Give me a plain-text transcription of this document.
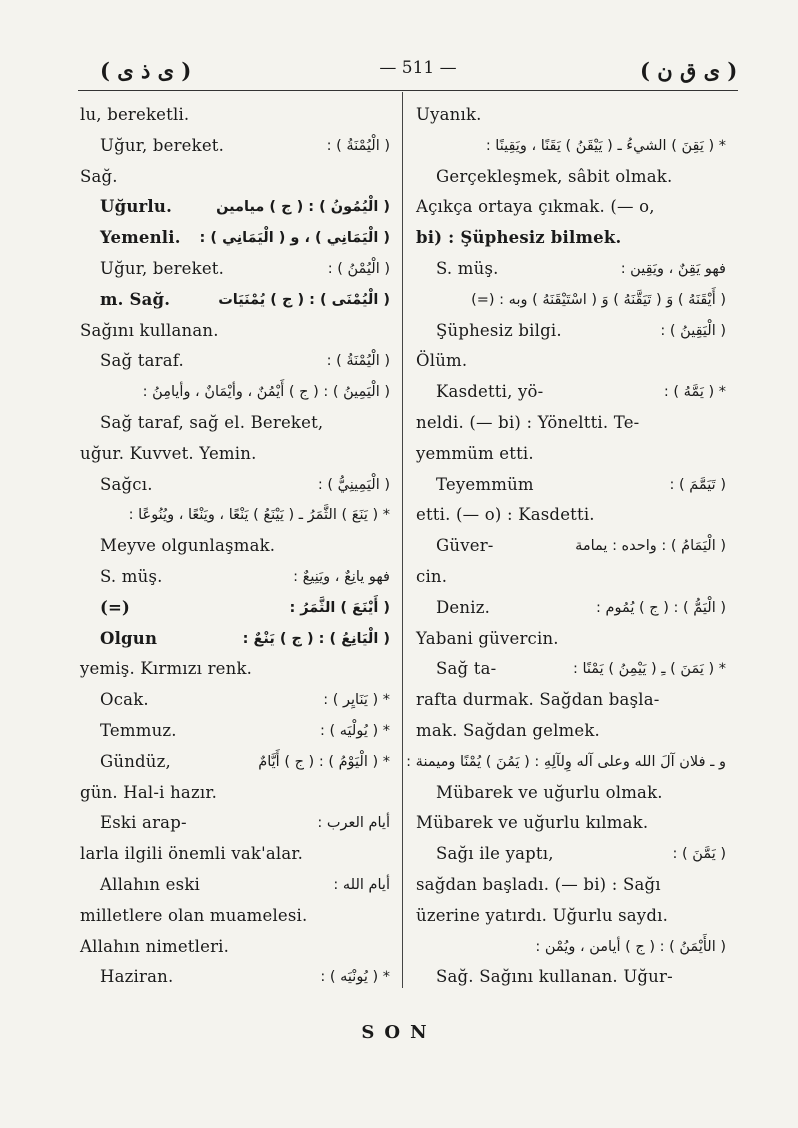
( ى ذ ى )	— 511 —	( ى ق ن )
lu, bereketli.
Uğur, bereket.	( الْيُمْنَةُ ) :
Sağ.
Uğurlu.	( الْيُمُونُ ) : ( ج ) ميامين
Yemenli. ( الْيَمَانِي ) ، و ( الْيَمَانِي ) :
Uğur, bereket.	( الْيُمْنُ ) :
m. Sağ.	( الْيُمْنَى ) : ( ج ) يُمْنَيَات
Sağını kullanan.
Sağ taraf.	( الْيُمْنَةُ ) :
( الْيَمِينُ ) : ( ج ) أَيْمُنٌ ، وأيْمَانٌ ، وأيامِنُ :
Sağ taraf, sağ el. Bereket,
uğur. Kuvvet. Yemin.
Sağcı.	( الْيَمِينِيُّ ) :
* ( يَنَعَ ) الثَّمَرُ ـ ( يَيْنَعُ ) يَنْعًا ، ويَنْعًا ، ويُنُوعًا :
Meyve olgunlaşmak.
S. müş.	فهو يانِعٌ ، ويَنِيعٌ :
(=)	( أَيْنَعَ ) الثَّمَرُ :
Olgun	( الْيَانِعُ ) : ( ج ) يَنْعٌ :
yemiş. Kırmızı renk.
Ocak.	* ( يَنَايِر ) :
Temmuz.	* ( يُولْيَه ) :
Gündüz,	* ( الْيَوْمُ ) : ( ج ) أَيَّامٌ
gün. Hal-i hazır.
Eski arap-	أيام العرب :
larla ilgili önemli vak'alar.
Allahın eski	أيام الله :
milletlere olan muamelesi.
Allahın nimetleri.
Haziran.	* ( يُونْيَه ) :
Uyanık.
* ( يَقِنَ ) الشيءُ ـ ( يَيْقَنُ ) يَقَنًا ، ويَقِينًا :
Gerçekleşmek, sâbit olmak.
Açıkça ortaya çıkmak. (— o,
bi) : Şüphesiz bilmek.
S. müş.	فهو يَقِنٌ ، ويَقِين :
( أَيْقَنَهُ ) وَ ( تَيَقَّنَهُ ) وَ ( اسْتَيْقَنَهُ ) وبه : (=)
Şüphesiz bilgi.	( الْيَقِينُ ) :
Ölüm.
Kasdetti, yö-	* ( يَمَّهُ ) :
neldi. (— bi) : Yöneltti. Te-
yemmüm etti.
Teyemmüm	( تَيَمَّمَ ) :
etti. (— o) : Kasdetti.
Güver-	( الْيَمَامُ ) : واحده : يمامة
cin.
Deniz.	( الْيَمُّ ) : ( ج ) يُمُوم :
Yabani güvercin.
Sağ ta-	* ( يَمَنَ ) ـِ ( يَيْمِنُ ) يَمْنًا :
rafta durmak. Sağdan başla-
mak. Sağdan gelmek.
و ـ فلان آلَ الله وعلى آله وِلآلِهِ : ( يَمُنَ ) يُمْنًا وميمنة :
Mübarek ve uğurlu olmak.
Mübarek ve uğurlu kılmak.
Sağı ile yaptı,	( يَمَّنَ ) :
sağdan başladı. (— bi) : Sağı
üzerine yatırdı. Uğurlu saydı.
( الأَيْمَنُ ) : ( ج ) أيامن ، ويُمْن :
Sağ. Sağını kullanan. Uğur-
SON
